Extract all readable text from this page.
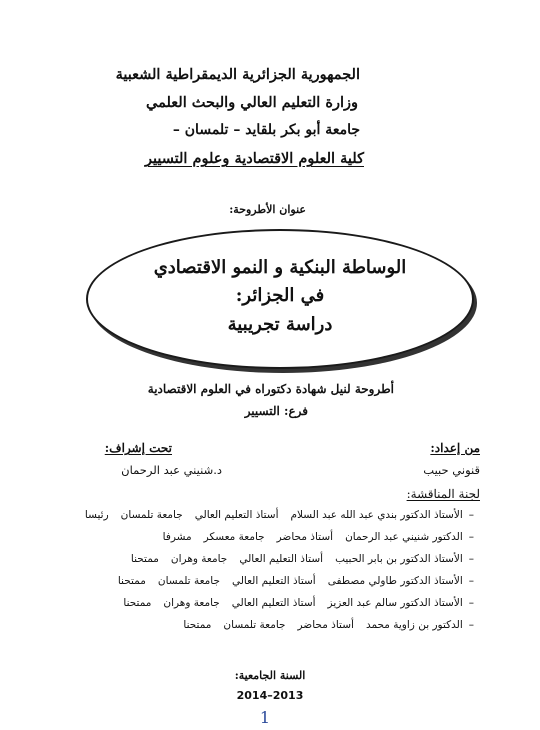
الجمهورية الجزائرية الديمقراطية الشعبية
وزارة التعليم العالي والبحث العلمي
جامعة أبو بكر بلقايد – تلمسان –
كلية العلوم الاقتصادية وعلوم التسيير
عنوان الأطروحة:
الوساطة البنكية و النمو الاقتصادي
في الجزائر:
دراسة تجريبية
أطروحة لنيل شهادة دكتوراه في العلوم الاقتصادية
فرع: التسيير
من إعداد:
تحت إشراف:
قنوني حبيب
د.شنيني عبد الرحمان
لجنة المناقشة:
–الأستاذ الدكتور بندي عبد الله عبد السلامأستاذ التعليم العاليجامعة تلمسانرئيسا
–الدكتور شنيني عبد الرحمانأستاذ محاضرجامعة معسكرمشرفا
–الأستاذ الدكتور بن بابر الحبيبأستاذ التعليم العاليجامعة وهرانممتحنا
–الأستاذ الدكتور طاولي مصطفىأستاذ التعليم العاليجامعة تلمسانممتحنا
–الأستاذ الدكتور سالم عبد العزيزأستاذ التعليم العاليجامعة وهرانممتحنا
–الدكتور بن زاوية محمدأستاذ محاضرجامعة تلمسانممتحنا
السنة الجامعية:
2014–2013
1
